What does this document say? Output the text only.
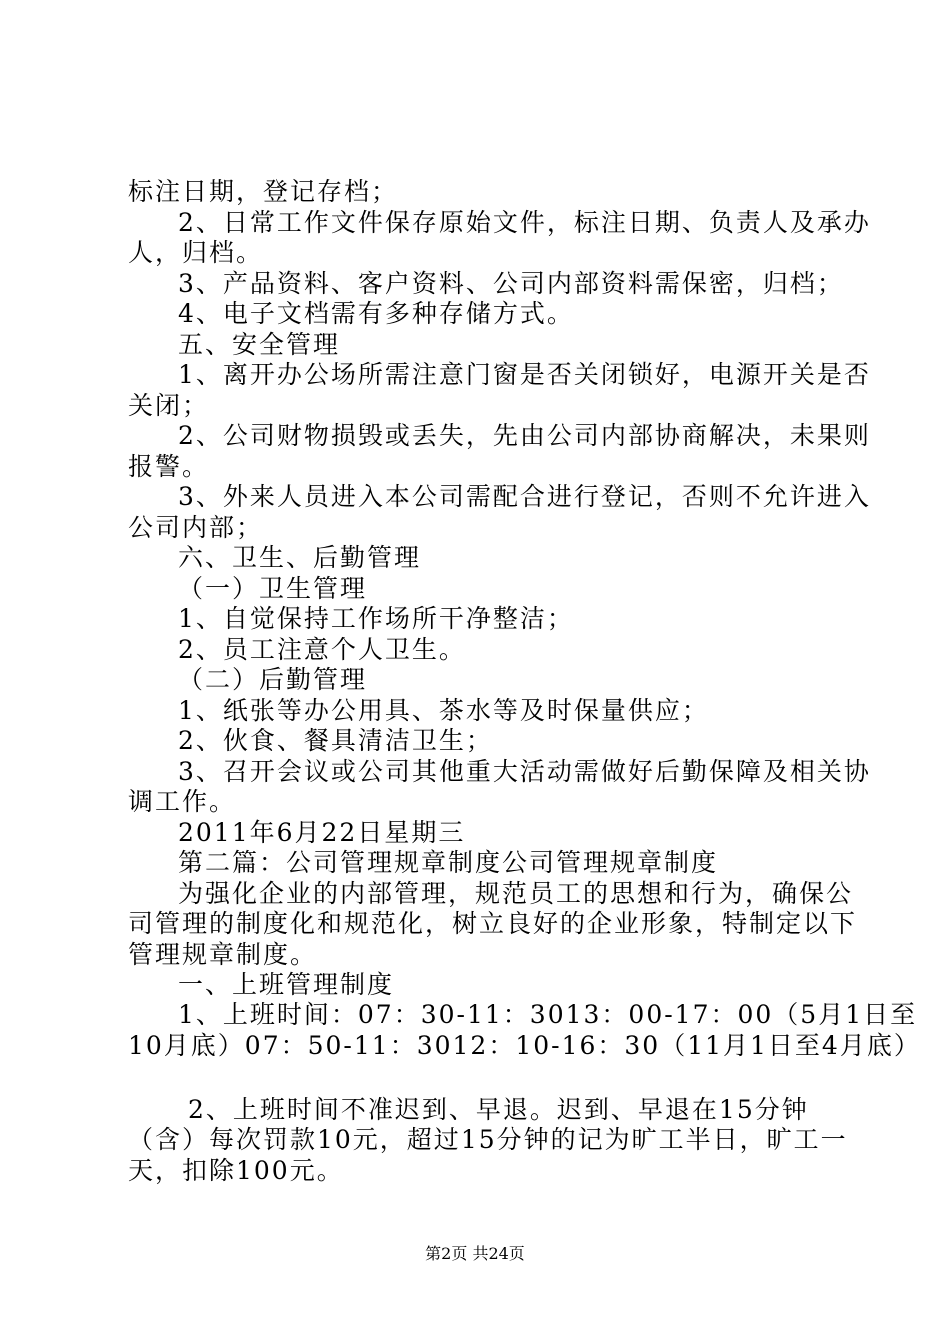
标注日期，登记存档；
2、日常工作文件保存原始文件，标注日期、负责人及承办
人，归档。
3、产品资料、客户资料、公司内部资料需保密，归档；
4、电子文档需有多种存储方式。
五、安全管理
1、离开办公场所需注意门窗是否关闭锁好，电源开关是否
关闭；
2、公司财物损毁或丢失，先由公司内部协商解决，未果则
报警。
3、外来人员进入本公司需配合进行登记，否则不允许进入
公司内部；
六、卫生、后勤管理
（一）卫生管理
1、自觉保持工作场所干净整洁；
2、员工注意个人卫生。
（二）后勤管理
1、纸张等办公用具、茶水等及时保量供应；
2、伙食、餐具清洁卫生；
3、召开会议或公司其他重大活动需做好后勤保障及相关协
调工作。
2011年6月22日星期三
第二篇：公司管理规章制度公司管理规章制度
为强化企业的内部管理，规范员工的思想和行为，确保公
司管理的制度化和规范化，树立良好的企业形象，特制定以下
管理规章制度。
一、上班管理制度
1、上班时间：07：30-11：3013：00-17：00（5月1日至
10月底）07：50-11：3012：10-16：30（11月1日至4月底）
2、上班时间不准迟到、早退。迟到、早退在15分钟
（含）每次罚款10元，超过15分钟的记为旷工半日，旷工一
天，扣除100元。
第2页 共24页
